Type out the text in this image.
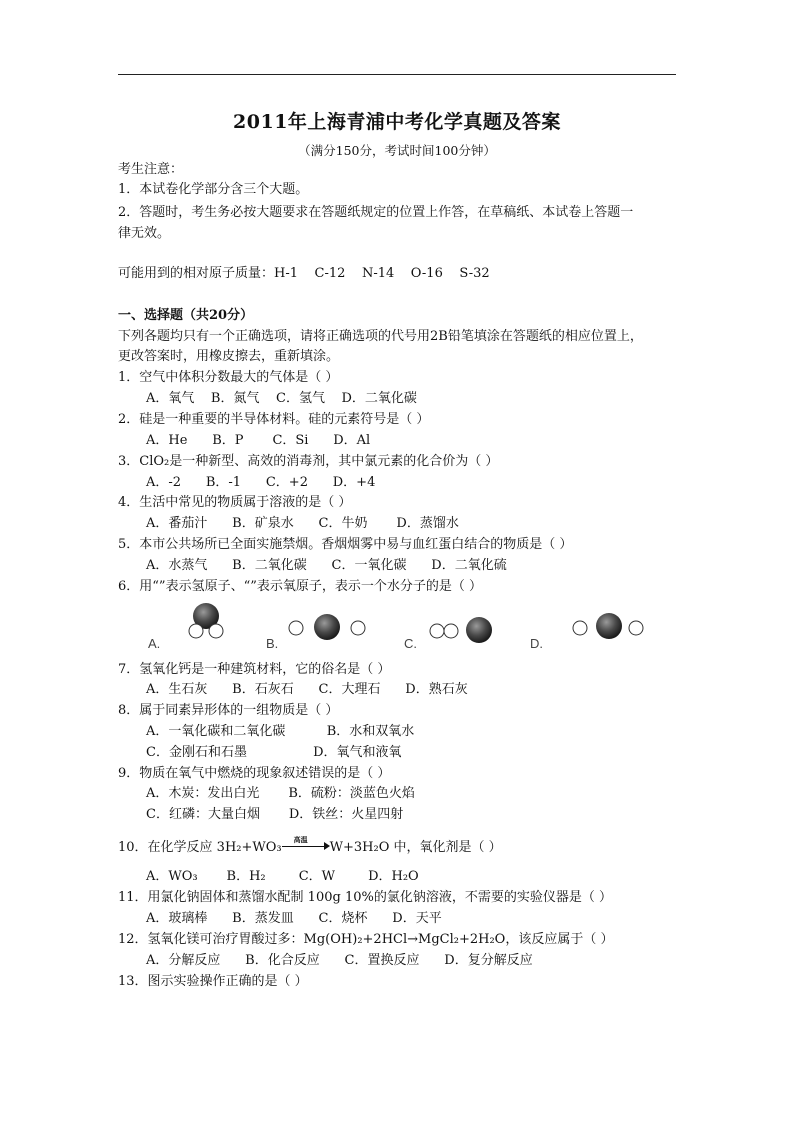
2011年上海青浦中考化学真题及答案
（满分150分，考试时间100分钟）
考生注意：
1．本试卷化学部分含三个大题。
2．答题时，考生务必按大题要求在答题纸规定的位置上作答，在草稿纸、本试卷上答题一
律无效。
可能用到的相对原子质量：H-1    C-12    N-14    O-16    S-32
一、选择题（共20分）
下列各题均只有一个正确选项，请将正确选项的代号用2B铅笔填涂在答题纸的相应位置上，
更改答案时，用橡皮擦去，重新填涂。
1．空气中体积分数最大的气体是（ ）
A．氧气    B．氮气    C．氢气    D．二氧化碳
2．硅是一种重要的半导体材料。硅的元素符号是（ ）
A．He      B．P       C．Si      D．Al
3．ClO₂是一种新型、高效的消毒剂，其中氯元素的化合价为（ ）
A．-2      B．-1      C．+2      D．+4
4．生活中常见的物质属于溶液的是（ ）
A．番茄汁      B．矿泉水      C．牛奶       D．蒸馏水
5．本市公共场所已全面实施禁烟。香烟烟雾中易与血红蛋白结合的物质是（ ）
A．水蒸气      B．二氧化碳      C．一氧化碳      D．二氧化硫
6．用“”表示氢原子、“”表示氧原子，表示一个水分子的是（ ）
A.	B.	C.	D.
7．氢氧化钙是一种建筑材料，它的俗名是（ ）
A．生石灰      B．石灰石      C．大理石      D．熟石灰
8．属于同素异形体的一组物质是（ ）
A．一氧化碳和二氧化碳          B．水和双氧水
C．金刚石和石墨                D．氧气和液氧
9．物质在氧气中燃烧的现象叙述错误的是（ ）
A．木炭：发出白光       B．硫粉：淡蓝色火焰
C．红磷：大量白烟       D．铁丝：火星四射
10．在化学反应 3H₂+WO₃
高温
W+3H₂O 中，氧化剂是（ ）
A．WO₃       B．H₂        C．W        D．H₂O
11．用氯化钠固体和蒸馏水配制 100g 10%的氯化钠溶液，不需要的实验仪器是（ ）
A．玻璃棒      B．蒸发皿      C．烧杯      D．天平
12．氢氧化镁可治疗胃酸过多：Mg(OH)₂+2HCl→MgCl₂+2H₂O，该反应属于（ ）
A．分解反应      B．化合反应      C．置换反应      D．复分解反应
13．图示实验操作正确的是（ ）
